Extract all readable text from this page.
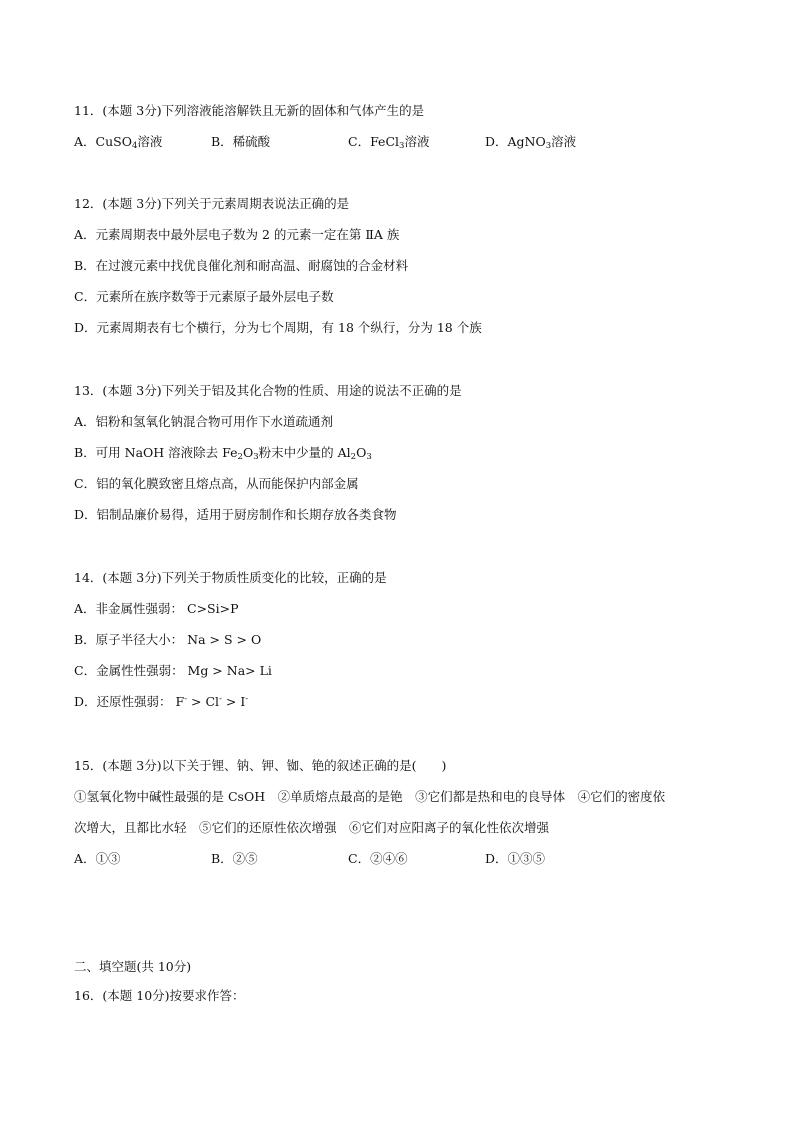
11．(本题 3分)下列溶液能溶解铁且无新的固体和气体产生的是
A．CuSO$_4$溶液	B．稀硫酸	C．FeCl$_3$溶液	D．AgNO$_3$溶液
12．(本题 3分)下列关于元素周期表说法正确的是
A．元素周期表中最外层电子数为 2 的元素一定在第 ⅡA 族
B．在过渡元素中找优良催化剂和耐高温、耐腐蚀的合金材料
C．元素所在族序数等于元素原子最外层电子数
D．元素周期表有七个横行，分为七个周期，有 18 个纵行，分为 18 个族
13．(本题 3分)下列关于铝及其化合物的性质、用途的说法不正确的是
A．铝粉和氢氧化钠混合物可用作下水道疏通剂
B．可用 NaOH 溶液除去 $Fe_2O_3$粉末中少量的 $Al_2O_3$
C．铝的氧化膜致密且熔点高，从而能保护内部金属
D．铝制品廉价易得，适用于厨房制作和长期存放各类食物
14．(本题 3分)下列关于物质性质变化的比较，正确的是
A．非金属性强弱： C>Si>P
B．原子半径大小： Na > S > O
C．金属性性强弱： Mg > Na> Li
D．还原性强弱： F- > Cl- > I-
15．(本题 3分)以下关于锂、钠、钾、铷、铯的叙述正确的是(　　)
①氢氧化物中碱性最强的是 CsOH　②单质熔点最高的是铯　③它们都是热和电的良导体　④它们的密度依
次增大，且都比水轻　⑤它们的还原性依次增强　⑥它们对应阳离子的氧化性依次增强
A．①③	B．②⑤	C．②④⑥	D．①③⑤
二、填空题(共 10分)
16．(本题 10分)按要求作答：
